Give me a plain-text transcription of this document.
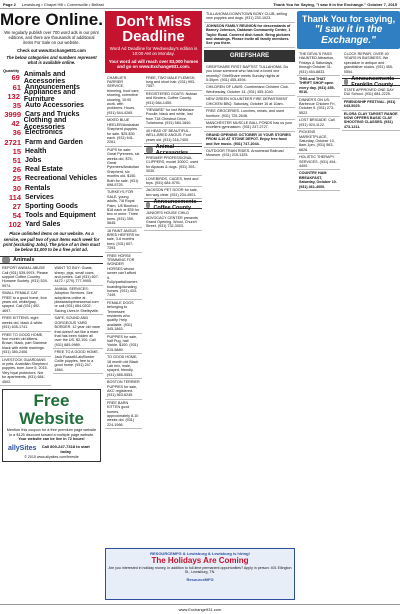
Page 2 Lewisburg • Chapel Hill • Cornersville • Belfast	Thank You for Saying, "I saw it in the Exchange." October 7, 2015
More Online.
We regularly publish over 700 word ads in our print editions, and there are thousands of additional items For Sale on our website.
Check out www.Exchange931.com
The below categories and numbers represent what is available online.
Quantity
69 Animals and Accessories
61 Announcements
132 Appliances and Furniture
35 Auto Accessories
3999 Cars and Trucks
42 Clothing and Accessories
36 Electronics
2721 Farm and Garden
15 Health
51 Jobs
26 Real Estate
25 Recreational Vehicles
30 Rentals
114 Services
27 Sporting Goods
54 Tools and Equipment
102 Yard Sales
Place unlimited items on our website. As a service, we pull two of your items each week for print (excluding Jobs). The price of an item must be below $1,000 to be a free print ad.
Animals
REPORT ANIMAL ABUSE Call (931) 539-9974. Please support Coffee Country Humane Society. (931) 539-9974.
SMALL FEMALE CAT FREE to a good home, four years old, white/gray, spayed. Call (931) 492-4697.
FREE KITTENS: eight weeks old, black & white. (931) 635-1741.
FREE TO GOOD HOME, four month old kittens. Brown, black, part Siamese black with white markings. (931) 380-2406.
LIVESTOCK GUARDIANS or pets. Anatolian Shepherd puppies, born June 5, 2015. Very loyal protectors. Not for apartments. (931) 684-4502.
WANT TO BUY: Goats, sheep, pigs, small cows, and ponies. Call (931) 607-4472 / (270) 777-9905.
ANIMAL SERVICES: Adoption Services. See adoptions online at pleaseadoptmeanimal.com or call (931) 684-0202. Saving Lives in Shelbyville.
SAFE, SOUND AND GORGEOUS YARD BORDER. 12 year old mare that doesn't act like a mare that has been ridden all over the US. $2,100. Call (931) 685-9989.
FREE TO A GOOD HOME, Jack Russell/Lab/Border Collie puppies, free to a good home. (931) 247-1864.
Free Website
Mention this coupon for a free premium page website or a $125 discount toward a multiple page website.
Your website can be live in 72 hours!
allySites	Call 800-247-7318 to start today
© 2015 www.allysites.com/freesite
Don't Miss Deadline
Word Ad Deadline for Wednesday's edition is 10:00 AM on Monday.
Your word ad will reach over 83,000 homes and go on www.Exchange931.com.
CHARLIE'S FARRIER SERVICE, trimming, hoof care, shoeing, corrective shoeing, 10:00 work, with problems. Hours. (931) 544-4265.
MIXED BLUE HEELER/Australian Shepherd puppies for sale. $25-$30 each. (931) 641-2261.
PUPS for sale: Great Pyrenees, six weeks old, $75; Great Pyrenees/Anatolian Shepherd, six months old, $150. Both for sale. (931) 698-5725.
TURKEYS FOR SALE, young adults, 7/8 Royal Palm, 1/8 Bourbon. $18 each or $35 for two or more. Three toms. (931) 359-5845.
18 PAINT ANGUS BRED HEIFERS for sale, 3-6 months bred. (931) 607-7393.
FREE HORSE TRIMMING FOR WONDER HORSES whose owner can't afford it. Fully/partial/owner-boarding/donating horses. (931) 433-7449.
FEMALE DOGS belonging to Tennessee residents who qualify. Help available. (931) 345-1863.
PUPPIES for sale, half Pug, half Yorkie, $100. (931) 215-5889.
TO GOOD HOME, 18 month old Black Lab mix, male, spayed, friendly. (931) 585-5553.
BOSTON TERRIER PUPPIES for sale, AKC registered. (931) 563-6245.
FREE BARN KITTEN good homes, approximately 8-10 weeks old. (931) 224-1966.
FREE, TWO MALE FLEMISH, long and short hair. (931) 993-7557.
REGISTERED GOATS: Nubian and Kinders. Coffee County. (931) 684-1450.
"REWARD" for lost Whitelace Poodle, black and white, lost from 718 Chestnut Drive, Tullahoma. (931) 584-1840.
40 HEAD OF BEAUTIFUL, WELL-BRED ANGUS. Four years old. (931) 316-7400.
Animal Accessories
PREMIER PROFESSIONAL CLIPPERS, model 3000C, used for Alpacas & dogs. (931) 393-3030.
LOVEBIRDS, CAGES, feed and toys. (931) 684-9791.
JACKSON PET DOOR for sale, two way clear. (931) 234-4901.
Announcements Coffee County
JUNIOR'S HOUSE CHILD ADVOCACY CENTER presents Grand Opening. Wood, Church Street. (931) 732-3003.
RESOURCEMFG & Lewisburg & Lewisburg is hiring!
The Holidays Are Coming
Are you interested in holiday money, in addition to full-time permanent opportunities? Apply in person: 401 Ellington St., Lewisburg, TN.
ResourceMFG
TULLAHOMA DOWNTOWN BONY CLUB, selling new puppies and dogs. (931) 233-1023.
JOHNSON FAMILY REUNION for descendants of Barney Johnson, Oaktown Community Center, 1 Taylor Road. Covered dish lunch. Bring pictures and drawings. Please invite all family members. See you there.
GRIEFSHARE
GREIFSHARE FIRST BAPTIST TULLAHOMA. Do you know someone who has lost a loved one recently? GriefShare meets Sunday nights at 5:30pm. (931) 455-4594.
CHILDREN OF LAWS: Cumberland Children Club. Wednesday, October 14. (931) 455-1040.
NEW GREEN VOLUNTEER FIRE DEPARTMENT CHICKEN BBQ. Saturday, October 10 at 10am.
FREE GROCERIES. Lunches, meals, and used furniture. (931) 725-2648.
MANCHESTER MUSCLE BALL PONDS has us your excellent gymnasium. (931) 247-2727.
GRAND OPENING OCTOBER 10 YOUR STORIES FROM 4-10 AT STONE DEPOT. Enjoy free food and live music. (931) 747-2044.
OUTDOOR TRAIN RIDES. Arrowhead Railroad Museum. (931) 215-1325.
Thank You for saying,
"I saw it in the Exchange."
THE DEVIL'S PASS HAUNTED Attraction, Fridays & Saturdays, through October 31. (931) 454-8833.
THIS and THAT THRIFT SHOP open every day. (931) 455-9016.
DINNER'S ON US: Barbecue Chicken Fri, October 9. (931) 273-5522.
LOST BRIGADE: Call (931) 924-1122.
PICKENS MARKETPLACE, Saturday, October 10, 8am-1pm. (931) 563-6626.
HOLISTIC THERAPY SERVICES. (931) 454-4400.
COUNTRY HAM BREAKFAST, Saturday, October 10. (931) 461-4000.
CLOCK REPAIR, OVER 40 YEARS IN BUSINESS. We specialize in antique and grandfather clocks. (931) 455-5554.
Announcements Franklin County
STATE APPROVED ONE DAY DUI School. (931) 684-2225.
FRIENDSHIP FESTIVAL. (931) 643-5025.
ELORA CLAY TARGET RANGE NOW OFFERS BASIC CLAY SHOOTING CLASSES. (931) 473-1211.
www.Exchange931.com
